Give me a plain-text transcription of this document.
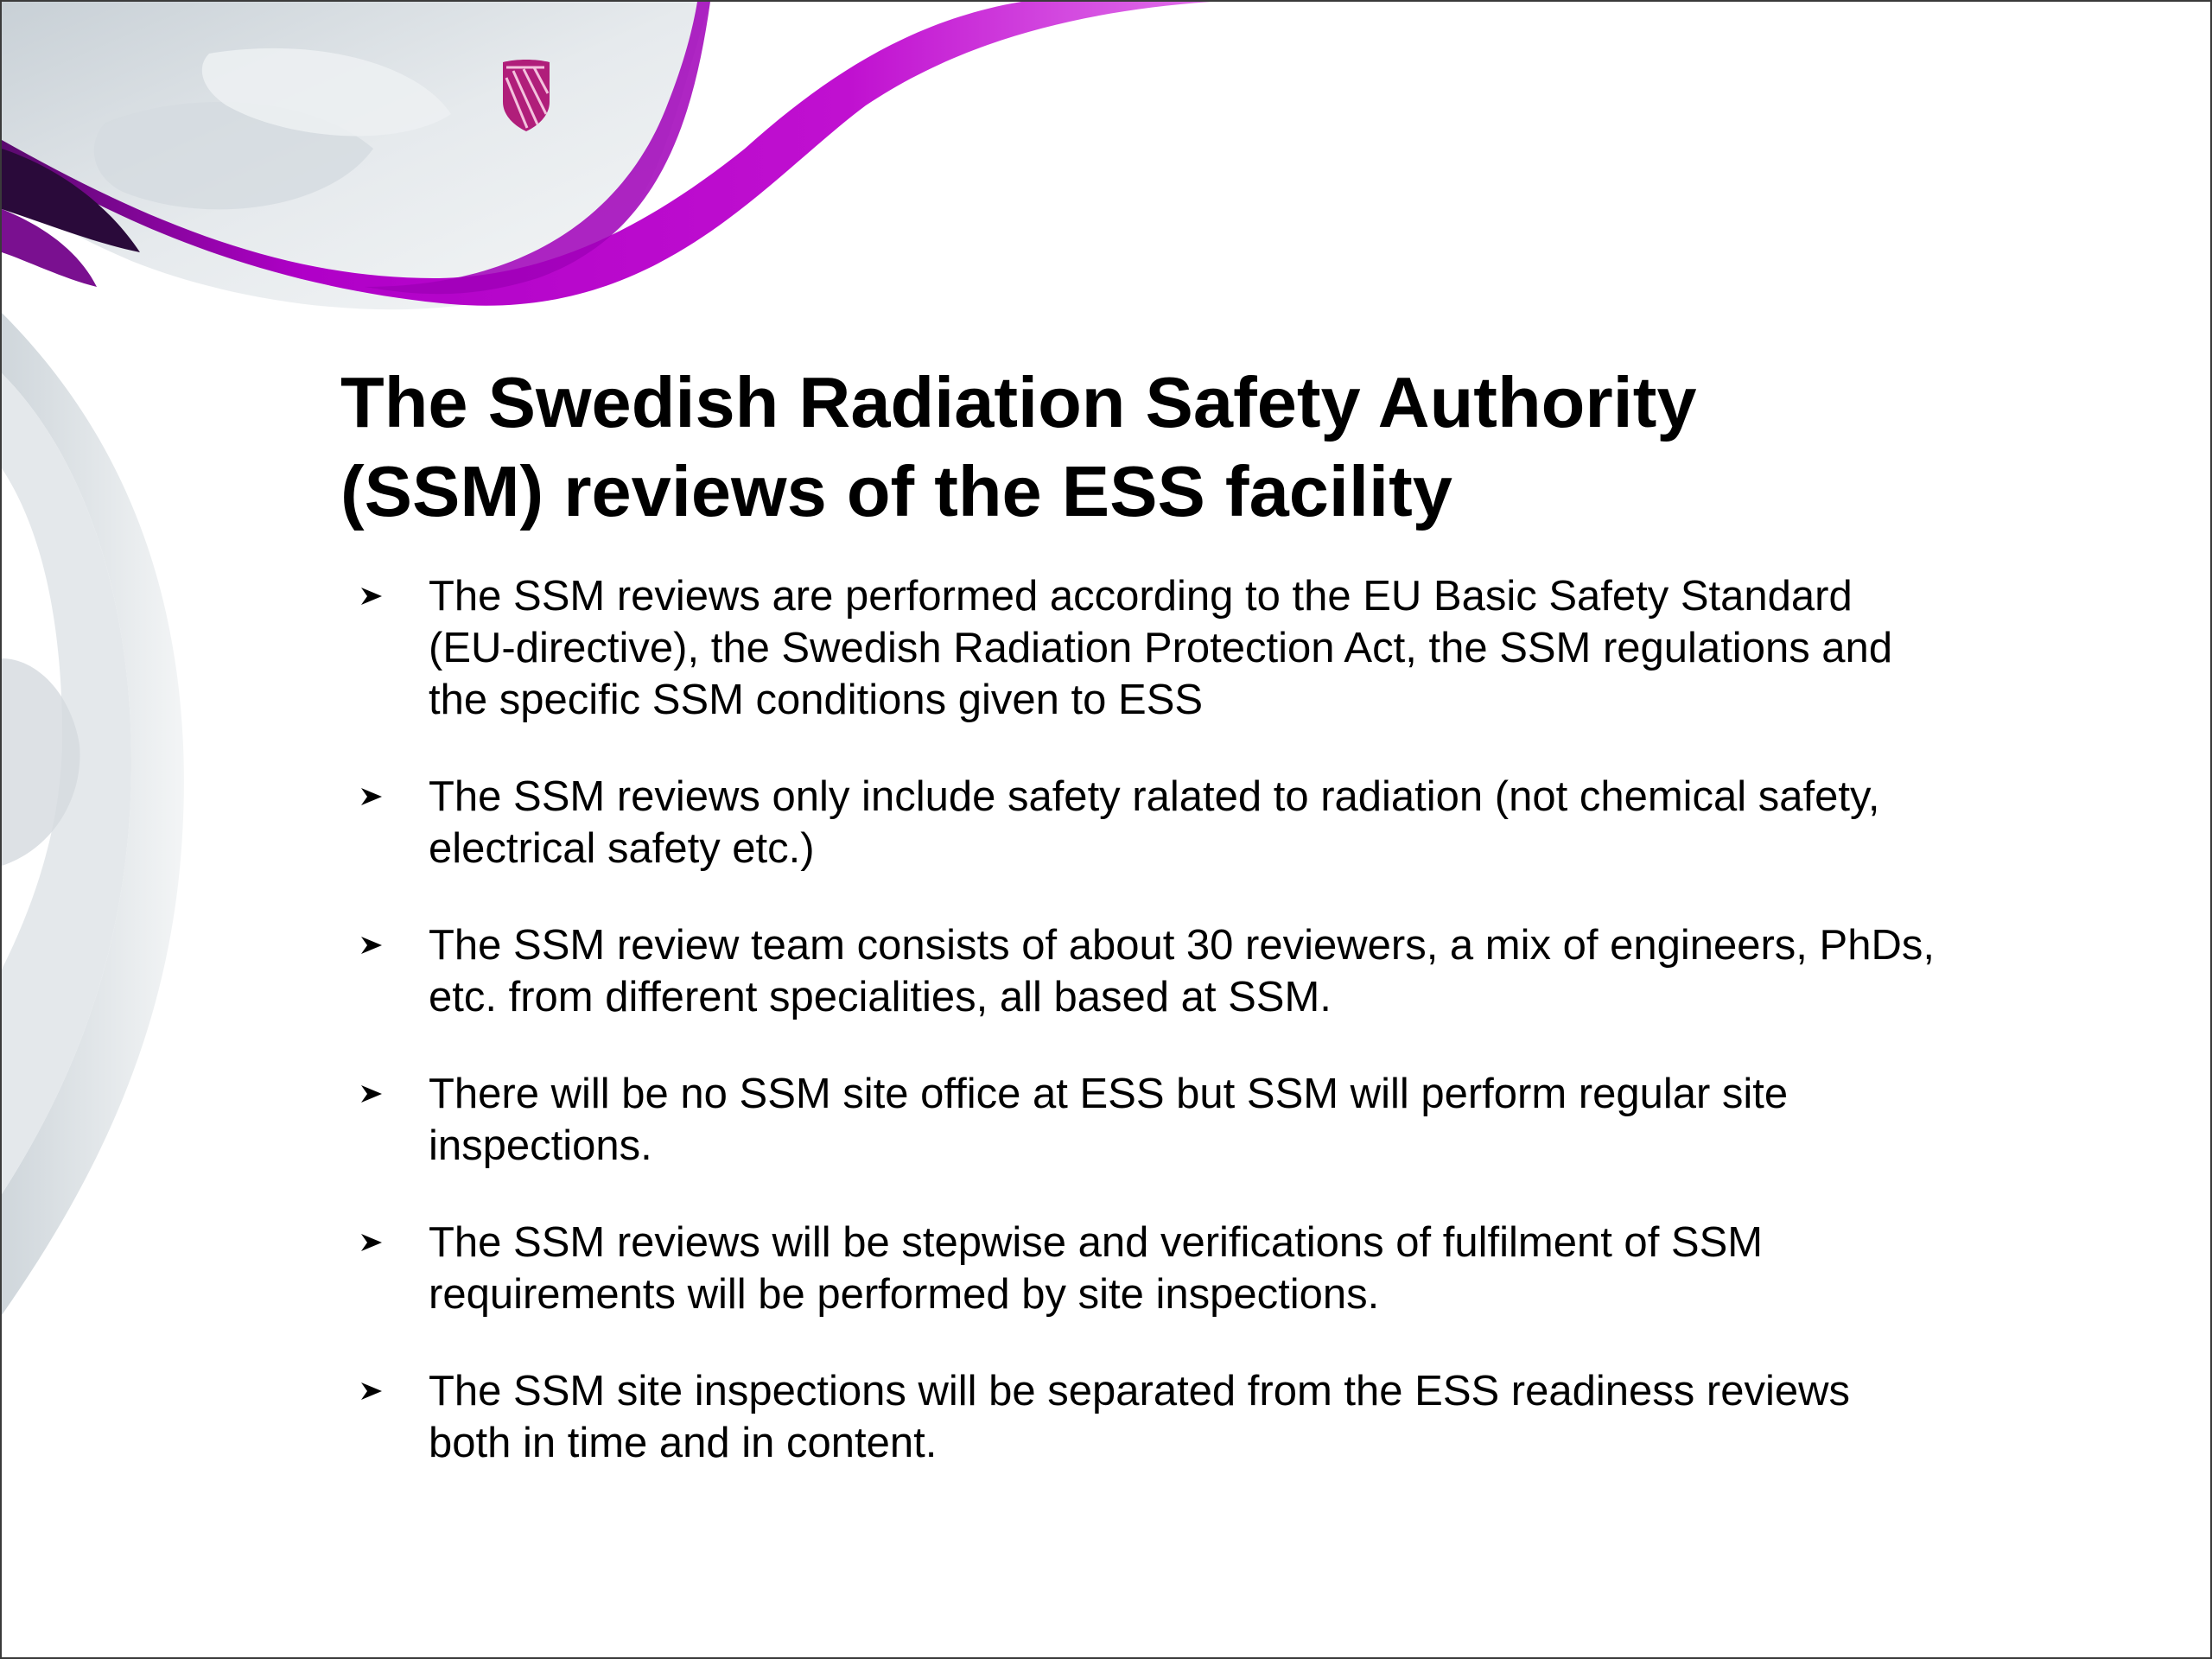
The Swedish Radiation Safety Authority
(SSM) reviews of the ESS facility
The SSM reviews are performed according to the EU Basic Safety Standard (EU-directive), the Swedish Radiation Protection Act, the SSM regulations and the specific SSM conditions given to ESS
The SSM reviews only include safety ralated to radiation (not chemical safety, electrical safety etc.)
The SSM review team consists of about 30 reviewers, a mix of engineers, PhDs, etc. from different specialities, all based at SSM.
There will be no SSM site office at ESS but SSM will perform regular site inspections.
The SSM reviews will be stepwise and verifications of fulfilment of SSM requirements will be performed by site inspections.
The SSM site inspections will be separated from the ESS readiness reviews both in time and in content.
